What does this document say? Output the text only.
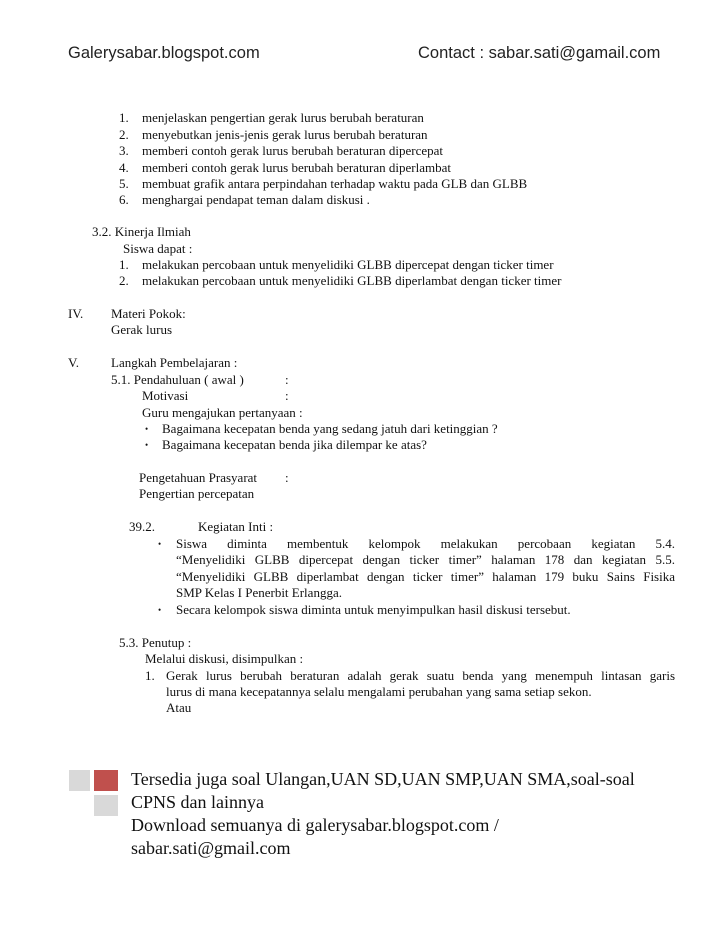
Galerysabar.blogspot.com	Contact : sabar.sati@gamail.com
1. menjelaskan pengertian gerak lurus berubah beraturan
2. menyebutkan jenis-jenis gerak lurus berubah beraturan
3. memberi contoh gerak lurus berubah beraturan dipercepat
4. memberi contoh gerak lurus berubah beraturan diperlambat
5. membuat grafik antara perpindahan terhadap waktu pada GLB dan GLBB
6. menghargai pendapat teman dalam diskusi .
3.2. Kinerja Ilmiah
Siswa dapat :
1. melakukan percobaan untuk menyelidiki GLBB dipercepat dengan ticker timer
2. melakukan percobaan untuk menyelidiki GLBB diperlambat dengan ticker timer
IV. Materi Pokok:
Gerak lurus
V. Langkah Pembelajaran :
5.1. Pendahuluan ( awal )	:
Motivasi	:
Guru mengajukan pertanyaan :
• Bagaimana kecepatan benda yang sedang jatuh dari ketinggian ?
• Bagaimana kecepatan benda jika dilempar ke atas?
Pengetahuan Prasyarat :
Pengertian percepatan
39.2.	Kegiatan Inti :
• Siswa diminta membentuk kelompok melakukan percobaan kegiatan 5.4.
“Menyelidiki GLBB dipercepat dengan ticker timer” halaman 178 dan kegiatan 5.5.
“Menyelidiki GLBB diperlambat dengan ticker timer” halaman 179 buku Sains Fisika
SMP Kelas I Penerbit Erlangga.
• Secara kelompok siswa diminta untuk menyimpulkan hasil diskusi tersebut.
5.3. Penutup :
Melalui diskusi, disimpulkan :
1. Gerak lurus berubah beraturan adalah gerak suatu benda yang menempuh lintasan garis
lurus di mana kecepatannya selalu mengalami perubahan yang sama setiap sekon.
Atau
Tersedia juga soal Ulangan,UAN SD,UAN SMP,UAN SMA,soal-soal
CPNS dan lainnya
Download semuanya di galerysabar.blogspot.com /
sabar.sati@gmail.com
